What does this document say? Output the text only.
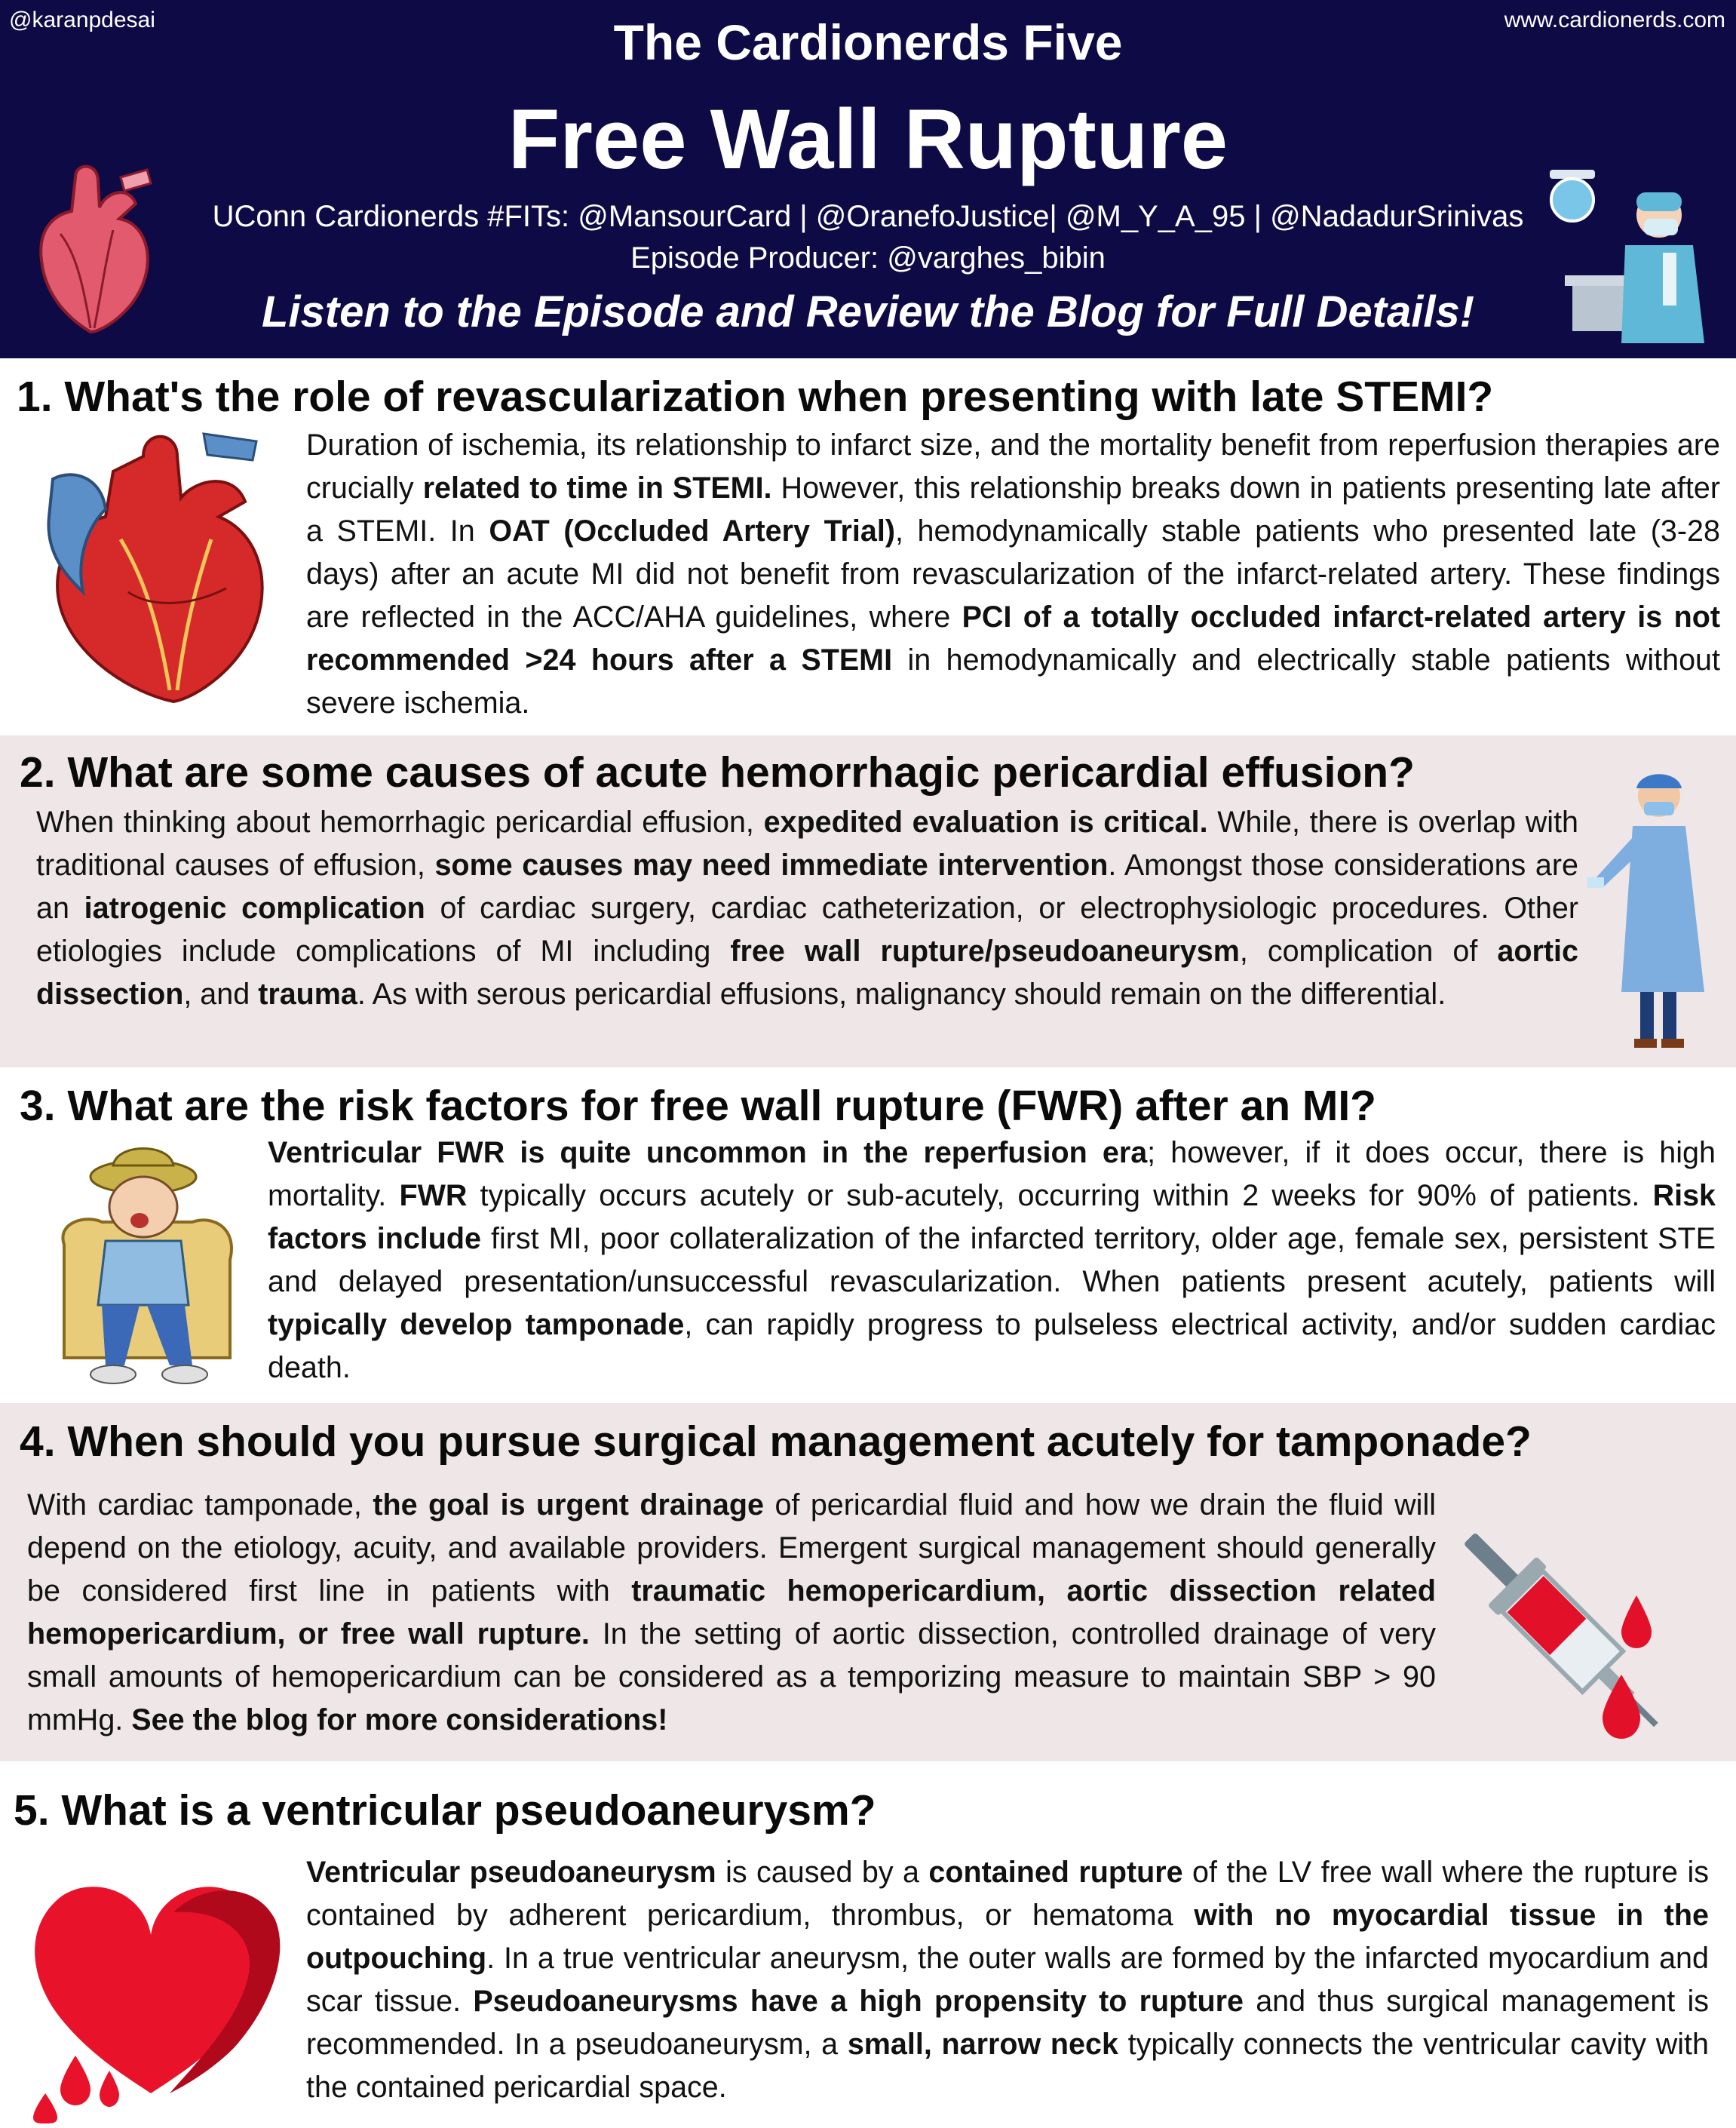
@karanpdesai	www.cardionerds.com
The Cardionerds Five
Free Wall Rupture
UConn Cardionerds #FITs: @MansourCard | @OranefoJustice| @M_Y_A_95 | @NadadurSrinivas
Episode Producer: @varghes_bibin
Listen to the Episode and Review the Blog for Full Details!
1. What's the role of revascularization when presenting with late STEMI?
Duration of ischemia, its relationship to infarct size, and the mortality benefit from reperfusion therapies are crucially related to time in STEMI. However, this relationship breaks down in patients presenting late after a STEMI. In OAT (Occluded Artery Trial), hemodynamically stable patients who presented late (3-28 days) after an acute MI did not benefit from revascularization of the infarct-related artery. These findings are reflected in the ACC/AHA guidelines, where PCI of a totally occluded infarct-related artery is not recommended >24 hours after a STEMI in hemodynamically and electrically stable patients without severe ischemia.
2. What are some causes of acute hemorrhagic pericardial effusion?
When thinking about hemorrhagic pericardial effusion, expedited evaluation is critical. While, there is overlap with traditional causes of effusion, some causes may need immediate intervention. Amongst those considerations are an iatrogenic complication of cardiac surgery, cardiac catheterization, or electrophysiologic procedures. Other etiologies include complications of MI including free wall rupture/pseudoaneurysm, complication of aortic dissection, and trauma. As with serous pericardial effusions, malignancy should remain on the differential.
3. What are the risk factors for free wall rupture (FWR) after an MI?
Ventricular FWR is quite uncommon in the reperfusion era; however, if it does occur, there is high mortality. FWR typically occurs acutely or sub-acutely, occurring within 2 weeks for 90% of patients. Risk factors include first MI, poor collateralization of the infarcted territory, older age, female sex, persistent STE and delayed presentation/unsuccessful revascularization. When patients present acutely, patients will typically develop tamponade, can rapidly progress to pulseless electrical activity, and/or sudden cardiac death.
4. When should you pursue surgical management acutely for tamponade?
With cardiac tamponade, the goal is urgent drainage of pericardial fluid and how we drain the fluid will depend on the etiology, acuity, and available providers. Emergent surgical management should generally be considered first line in patients with traumatic hemopericardium, aortic dissection related hemopericardium, or free wall rupture. In the setting of aortic dissection, controlled drainage of very small amounts of hemopericardium can be considered as a temporizing measure to maintain SBP > 90 mmHg. See the blog for more considerations!
5. What is a ventricular pseudoaneurysm?
Ventricular pseudoaneurysm is caused by a contained rupture of the LV free wall where the rupture is contained by adherent pericardium, thrombus, or hematoma with no myocardial tissue in the outpouching. In a true ventricular aneurysm, the outer walls are formed by the infarcted myocardium and scar tissue. Pseudoaneurysms have a high propensity to rupture and thus surgical management is recommended. In a pseudoaneurysm, a small, narrow neck typically connects the ventricular cavity with the contained pericardial space.
